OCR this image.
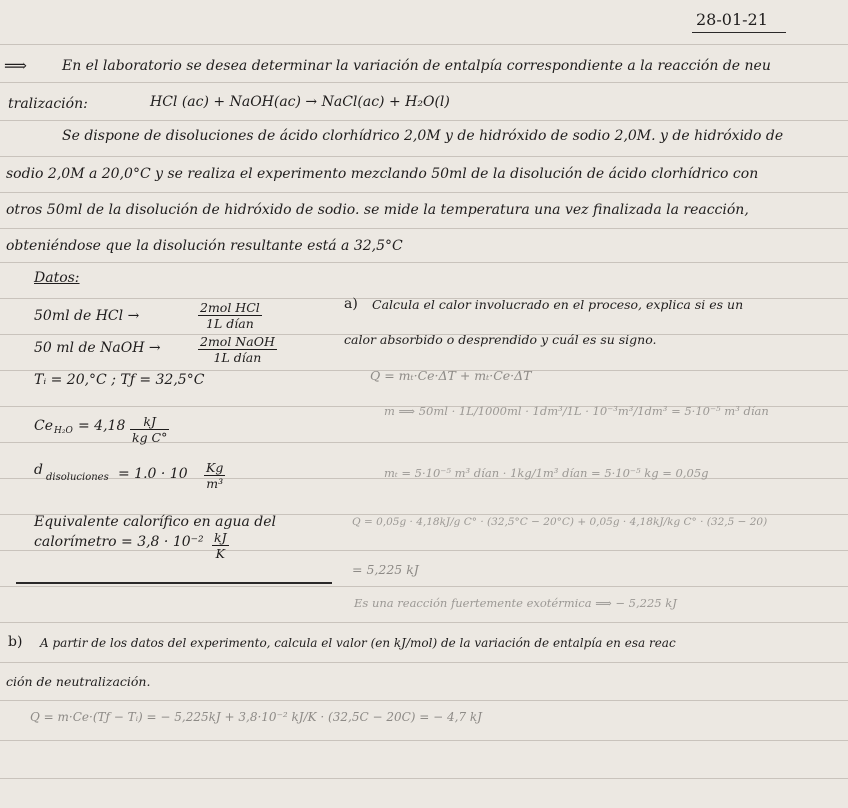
28-01-21
⟹	En el laboratorio se desea determinar la variación de entalpía correspondiente a la reacción de neu
tralización:	HCl (ac) + NaOH(ac) → NaCl(ac) + H₂O(l)
Se dispone de disoluciones de ácido clorhídrico 2,0M y de hidróxido de sodio 2,0M. y de hidróxido de
sodio 2,0M a 20,0°C y se realiza el experimento mezclando 50ml de la disolución de ácido clorhídrico con
otros 50ml de la disolución de hidróxido de sodio. se mide la temperatura una vez finalizada la reacción,
obteniéndose que la disolución resultante está a 32,5°C
Datos:
50ml de HCl →
2mol HCl
1L dían
50 ml de NaOH →	2mol NaOH
1L dían
Tᵢ = 20,°C ; Tƒ = 32,5°C
Ce $H_2O = 4,18 \frac{kJ}{\text{kg C°}}$
d disoluciones = $1.0 \cdot 10 \frac{Kg}{\text{m³}}$
Equivalente calorífico en agua del
calorímetro = $3,8 \cdot 10^{-2} \frac{kJ}{K}$
a) Calcula el calor involucrado en el proceso, explica si es un
calor absorbido o desprendido y cuál es su signo.
Q = mₜ·Ce·ΔT + mₜ·Ce·ΔT
m ⟹ 50ml · 1L/1000ml · 1dm³/1L · 10⁻³m³/1dm³ = 5·10⁻⁵ m³ dían
mₜ = 5·10⁻⁵ m³ dían · 1kg/1m³ dían = 5·10⁻⁵ kg = 0,05g
Q = 0,05g · 4,18kJ/g C° · (32,5°C − 20°C) + 0,05g · 4,18kJ/kg C° · (32,5 − 20)
= 5,225 kJ
Es una reacción fuertemente exotérmica ⟹ − 5,225 kJ
b) A partir de los datos del experimento, calcula el valor (en kJ/mol) de la variación de entalpía en esa reac
ción de neutralización.
Q = m·Ce·(Tƒ − Tᵢ) = − 5,225kJ + 3,8·10⁻² kJ/K · (32,5C − 20C) = − 4,7 kJ
